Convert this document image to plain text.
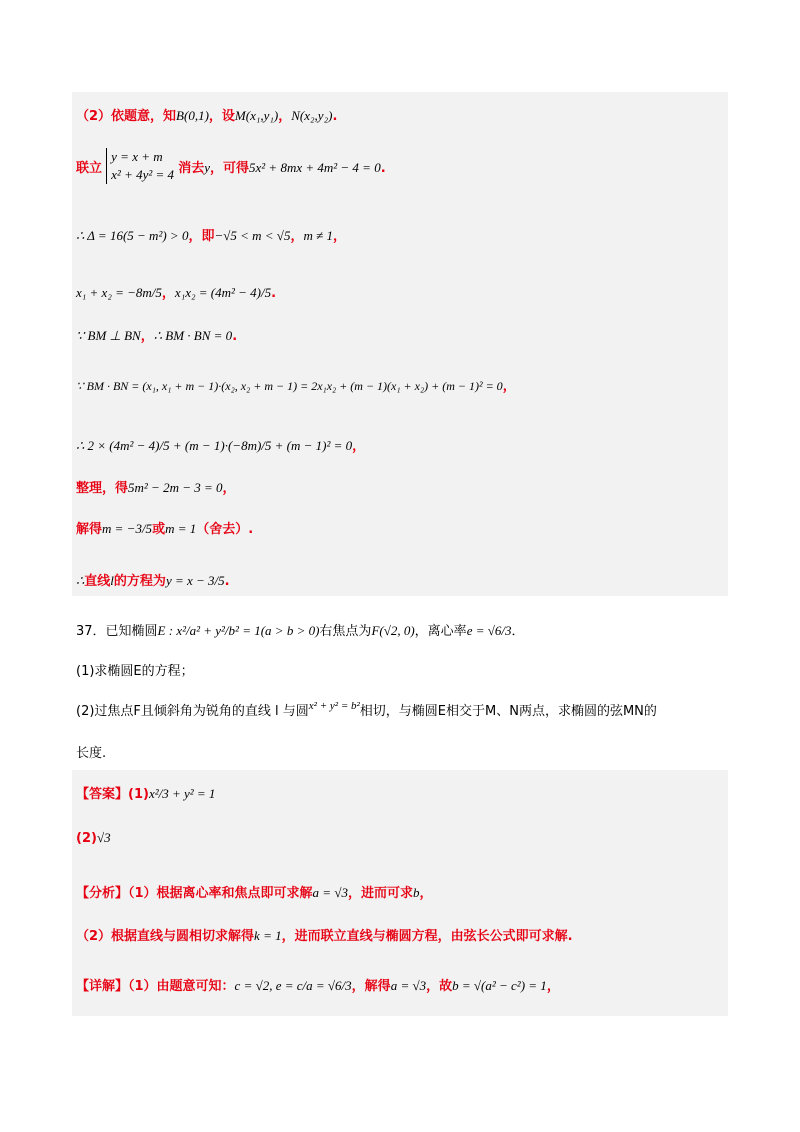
（2）依题意，知B(0,1)，设M(x₁,y₁)，N(x₂,y₂).
联立
y = x + m
x² + 4y² = 4 消去y，可得5x² + 8mx + 4m² − 4 = 0.
∴ Δ = 16(5 − m²) > 0，即−√5 < m < √5，m ≠ 1，
x₁ + x₂ = −8m/5，x₁x₂ = (4m² − 4)/5.
∵ BM ⊥ BN，∴ BM · BN = 0.
∵ BM · BN = (x₁, x₁ + m − 1)·(x₂, x₂ + m − 1) = 2x₁x₂ + (m − 1)(x₁ + x₂) + (m − 1)² = 0，
∴ 2 × (4m² − 4)/5 + (m − 1)·(−8m)/5 + (m − 1)² = 0，
整理，得5m² − 2m − 3 = 0，
解得m = −3/5或m = 1（舍去）.
∴直线l的方程为y = x − 3/5.
37．已知椭圆E : x²/a² + y²/b² = 1(a > b > 0)右焦点为F(√2, 0)，离心率e = √6/3．
(1)求椭圆E的方程；
(2)过焦点F且倾斜角为锐角的直线 l 与圆$^{x^2 + y^2 = b^2}$相切，与椭圆E相交于M、N两点，求椭圆的弦MN的
长度.
【答案】(1)x²/3 + y² = 1
(2)√3
【分析】（1）根据离心率和焦点即可求解a = √3，进而可求b，
（2）根据直线与圆相切求解得k = 1，进而联立直线与椭圆方程，由弦长公式即可求解.
【详解】（1）由题意可知：c = √2, e = c/a = √6/3，解得a = √3，故b = √(a² − c²) = 1，
